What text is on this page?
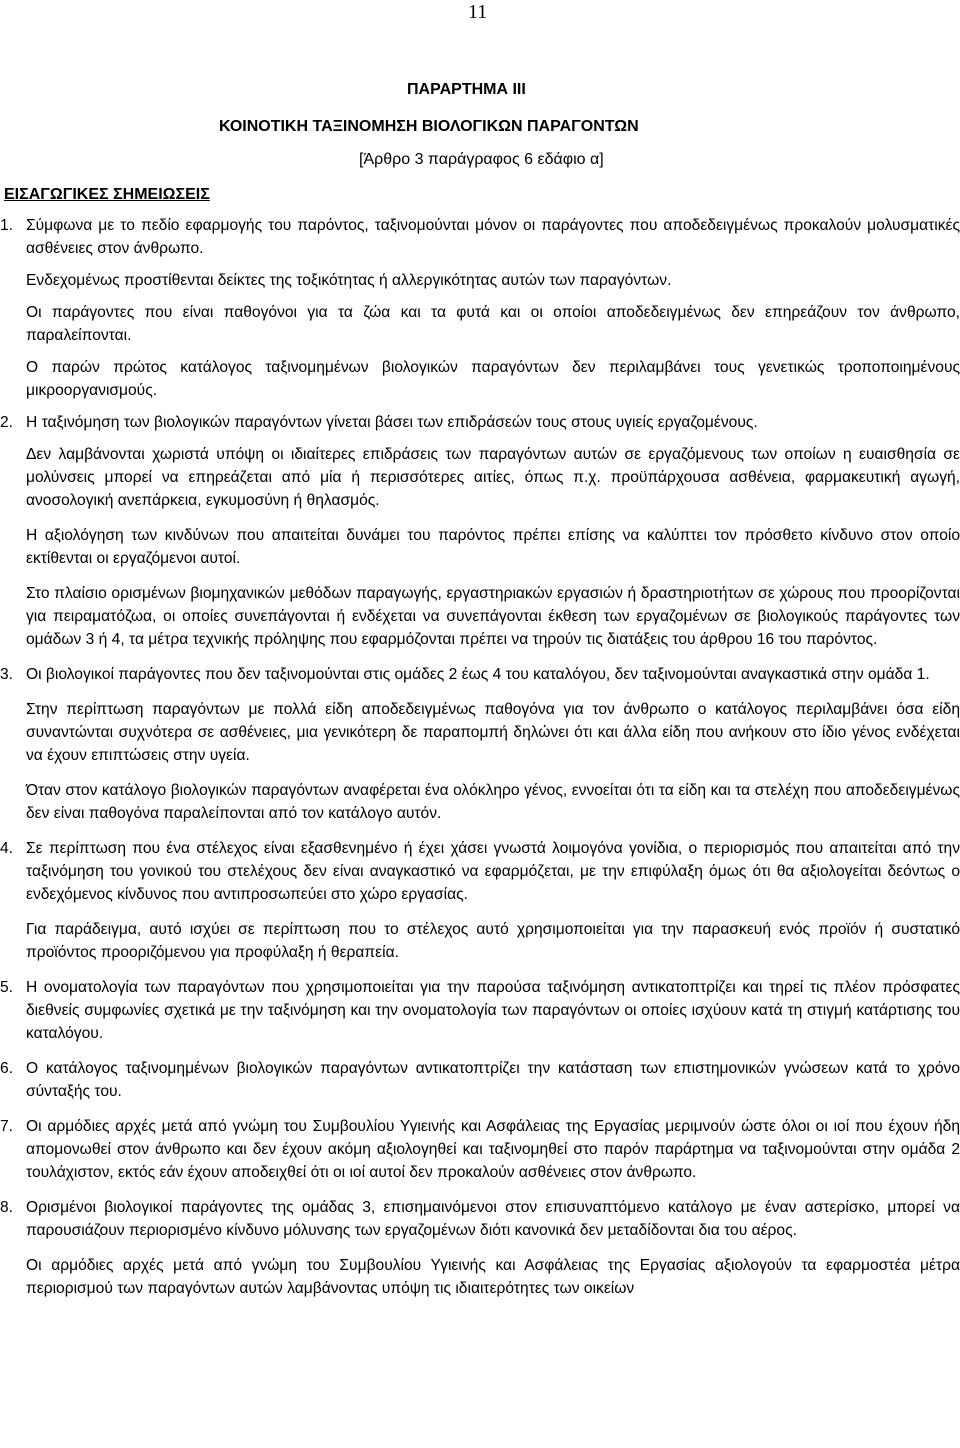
11
ΠΑΡΑΡΤΗΜΑ ΙΙΙ
ΚΟΙΝΟΤΙΚΗ ΤΑΞΙΝΟΜΗΣΗ ΒΙΟΛΟΓΙΚΩΝ ΠΑΡΑΓΟΝΤΩΝ
[Άρθρο 3 παράγραφος 6 εδάφιο α]
ΕΙΣΑΓΩΓΙΚΕΣ ΣΗΜΕΙΩΣΕΙΣ
1. Σύμφωνα με το πεδίο εφαρμογής του παρόντος, ταξινομούνται μόνον οι παράγοντες που αποδεδειγμένως προκαλούν μολυσματικές ασθένειες στον άνθρωπο.

Ενδεχομένως προστίθενται δείκτες της τοξικότητας ή αλλεργικότητας αυτών των παραγόντων.

Οι παράγοντες που είναι παθογόνοι για τα ζώα και τα φυτά και οι οποίοι αποδεδειγμένως δεν επηρεάζουν τον άνθρωπο, παραλείπονται.

Ο παρών πρώτος κατάλογος ταξινομημένων βιολογικών παραγόντων δεν περιλαμβάνει τους γενετικώς τροποποιημένους μικροοργανισμούς.

2. Η ταξινόμηση των βιολογικών παραγόντων γίνεται βάσει των επιδράσεών τους στους υγιείς εργαζομένους.

Δεν λαμβάνονται χωριστά υπόψη οι ιδιαίτερες επιδράσεις των παραγόντων αυτών σε εργαζόμενους των οποίων η ευαισθησία σε μολύνσεις μπορεί να επηρεάζεται από μία ή περισσότερες αιτίες, όπως π.χ. προϋπάρχουσα ασθένεια, φαρμακευτική αγωγή, ανοσολογική ανεπάρκεια, εγκυμοσύνη ή θηλασμός.

Η αξιολόγηση των κινδύνων που απαιτείται δυνάμει του παρόντος πρέπει επίσης να καλύπτει τον πρόσθετο κίνδυνο στον οποίο εκτίθενται οι εργαζόμενοι αυτοί.

Στο πλαίσιο ορισμένων βιομηχανικών μεθόδων παραγωγής, εργαστηριακών εργασιών ή δραστηριοτήτων σε χώρους που προορίζονται για πειραματόζωα, οι οποίες συνεπάγονται ή ενδέχεται να συνεπάγονται έκθεση των εργαζομένων σε βιολογικούς παράγοντες των ομάδων 3 ή 4, τα μέτρα τεχνικής πρόληψης που εφαρμόζονται πρέπει να τηρούν τις διατάξεις του άρθρου 16 του παρόντος.

3. Οι βιολογικοί παράγοντες που δεν ταξινομούνται στις ομάδες 2 έως 4 του καταλόγου, δεν ταξινομούνται αναγκαστικά στην ομάδα 1.

Στην περίπτωση παραγόντων με πολλά είδη αποδεδειγμένως παθογόνα για τον άνθρωπο ο κατάλογος περιλαμβάνει όσα είδη συναντώνται συχνότερα σε ασθένειες, μια γενικότερη δε παραπομπή δηλώνει ότι και άλλα είδη που ανήκουν στο ίδιο γένος ενδέχεται να έχουν επιπτώσεις στην υγεία.

Όταν στον κατάλογο βιολογικών παραγόντων αναφέρεται ένα ολόκληρο γένος, εννοείται ότι τα είδη και τα στελέχη που αποδεδειγμένως δεν είναι παθογόνα παραλείπονται από τον κατάλογο αυτόν.

4. Σε περίπτωση που ένα στέλεχος είναι εξασθενημένο ή έχει χάσει γνωστά λοιμογόνα γονίδια, ο περιορισμός που απαιτείται από την ταξινόμηση του γονικού του στελέχους δεν είναι αναγκαστικό να εφαρμόζεται, με την επιφύλαξη όμως ότι θα αξιολογείται δεόντως ο ενδεχόμενος κίνδυνος που αντιπροσωπεύει στο χώρο εργασίας.

Για παράδειγμα, αυτό ισχύει σε περίπτωση που το στέλεχος αυτό χρησιμοποιείται για την παρασκευή ενός προϊόν ή συστατικό προϊόντος προοριζόμενου για προφύλαξη ή θεραπεία.

5. Η ονοματολογία των παραγόντων που χρησιμοποιείται για την παρούσα ταξινόμηση αντικατοπτρίζει και τηρεί τις πλέον πρόσφατες διεθνείς συμφωνίες σχετικά με την ταξινόμηση και την ονοματολογία των παραγόντων οι οποίες ισχύουν κατά τη στιγμή κατάρτισης του καταλόγου.
6. Ο κατάλογος ταξινομημένων βιολογικών παραγόντων αντικατοπτρίζει την κατάσταση των επιστημονικών γνώσεων κατά το χρόνο σύνταξής του.
7. Οι αρμόδιες αρχές μετά από γνώμη του Συμβουλίου Υγιεινής και Ασφάλειας της Εργασίας μεριμνούν ώστε όλοι οι ιοί που έχουν ήδη απομονωθεί στον άνθρωπο και δεν έχουν ακόμη αξιολογηθεί και ταξινομηθεί στο παρόν παράρτημα να ταξινομούνται στην ομάδα 2 τουλάχιστον, εκτός εάν έχουν αποδειχθεί ότι οι ιοί αυτοί δεν προκαλούν ασθένειες στον άνθρωπο.
8. Ορισμένοι βιολογικοί παράγοντες της ομάδας 3, επισημαινόμενοι στον επισυναπτόμενο κατάλογο με έναν αστερίσκο, μπορεί να παρουσιάζουν περιορισμένο κίνδυνο μόλυνσης των εργαζομένων διότι κανονικά δεν μεταδίδονται δια του αέρος.

Οι αρμόδιες αρχές μετά από γνώμη του Συμβουλίου Υγιεινής και Ασφάλειας της Εργασίας αξιολογούν τα εφαρμοστέα μέτρα περιορισμού των παραγόντων αυτών λαμβάνοντας υπόψη τις ιδιαιτερότητες των οικείων
